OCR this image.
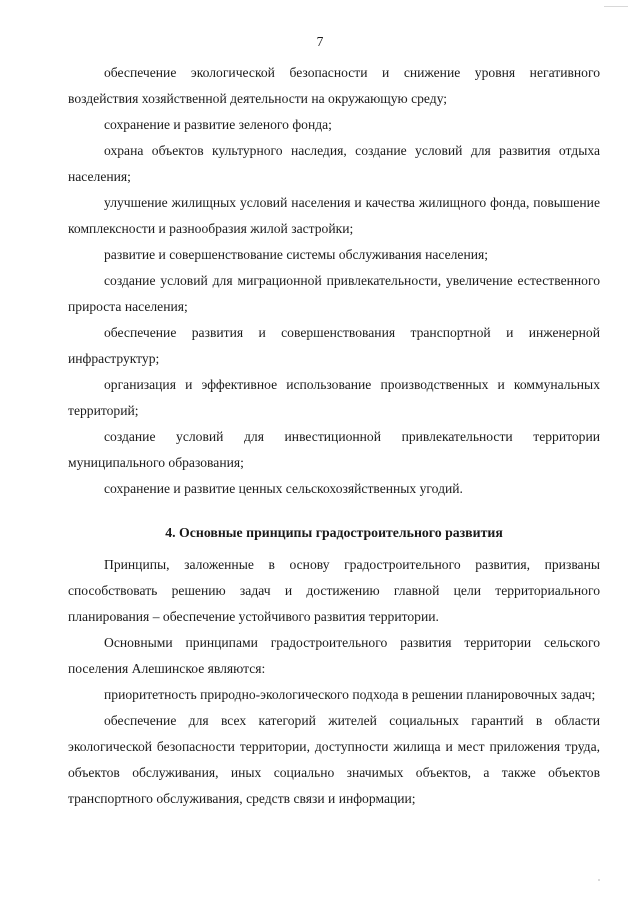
7

обеспечение экологической безопасности и снижение уровня негативного воздействия хозяйственной деятельности на окружающую среду;

сохранение и развитие зеленого фонда;

охрана объектов культурного наследия, создание условий для развития отдыха населения;

улучшение жилищных условий населения и качества жилищного фонда, повышение комплексности и разнообразия жилой застройки;

развитие и совершенствование системы обслуживания населения;

создание условий для миграционной привлекательности, увеличение естественного прироста населения;

обеспечение развития и совершенствования транспортной и инженерной инфраструктур;

организация и эффективное использование производственных и коммунальных территорий;

создание условий для инвестиционной привлекательности территории муниципального образования;

сохранение и развитие ценных сельскохозяйственных угодий.

4. Основные принципы градостроительного развития

Принципы, заложенные в основу градостроительного развития, призваны способствовать решению задач и достижению главной цели территориального планирования – обеспечение устойчивого развития территории.

Основными принципами градостроительного развития территории сельского поселения Алешинское являются:

приоритетность природно-экологического подхода в решении планировочных задач;

обеспечение для всех категорий жителей социальных гарантий в области экологической безопасности территории, доступности жилища и мест приложения труда, объектов обслуживания, иных социально значимых объектов, а также объектов транспортного обслуживания, средств связи и информации;
